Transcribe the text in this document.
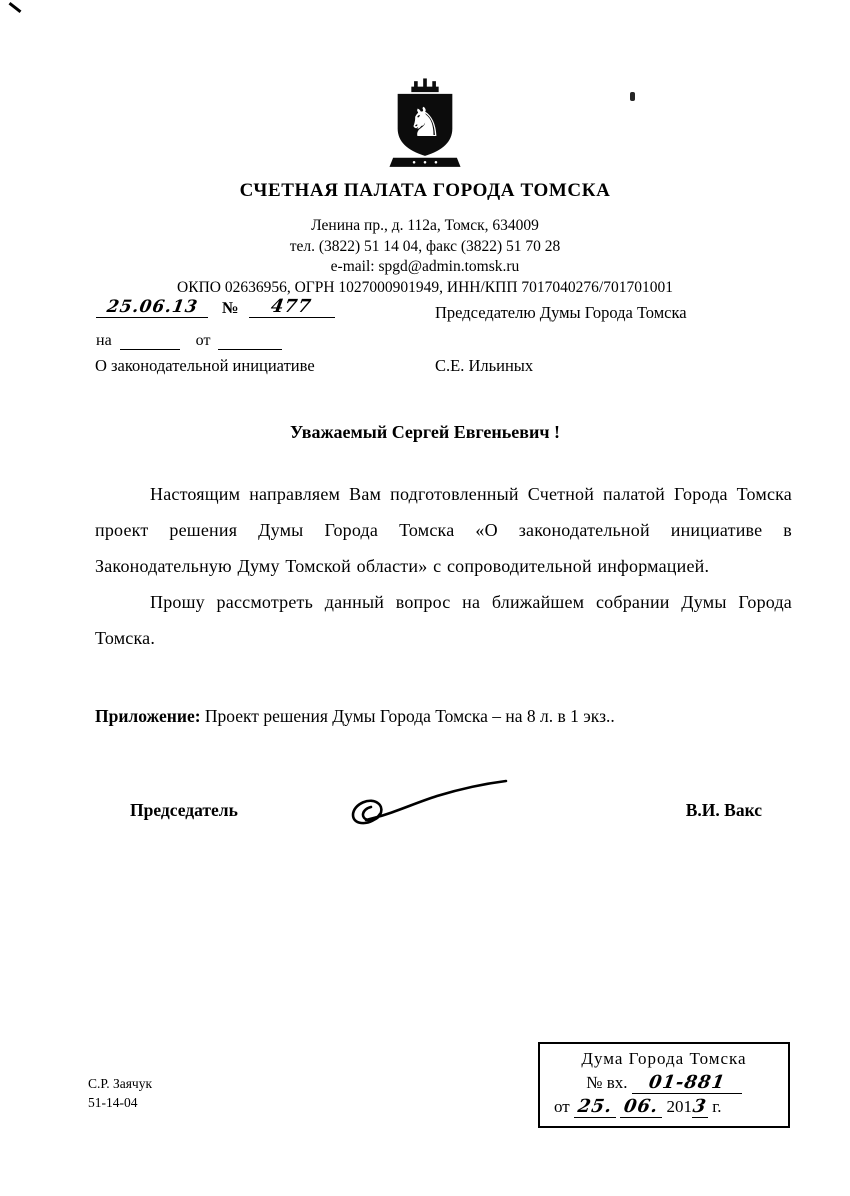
♞
СЧЕТНАЯ ПАЛАТА ГОРОДА ТОМСКА
Ленина пр., д. 112а, Томск, 634009
тел. (3822) 51 14 04, факс (3822) 51 70 28
e-mail: spgd@admin.tomsk.ru
ОКПО 02636956, ОГРН 1027000901949, ИНН/КПП 7017040276/701701001
25.06.13	№	477
на	от
О законодательной инициативе
Председателю Думы Города Томска
С.Е. Ильиных
Уважаемый Сергей Евгеньевич !

Настоящим направляем Вам подготовленный Счетной палатой Города Томска проект решения Думы Города Томска «О законодательной инициативе в Законодательную Думу Томской области» с сопроводительной информацией.

Прошу рассмотреть данный вопрос на ближайшем собрании Думы Города Томска.

Приложение: Проект решения Думы Города Томска – на 8 л. в 1 экз..
Председатель	В.И. Вакс
С.Р. Заячук
51-14-04
Дума Города Томска
№ вх. 01-881
от 25. 06. 2013 г.
